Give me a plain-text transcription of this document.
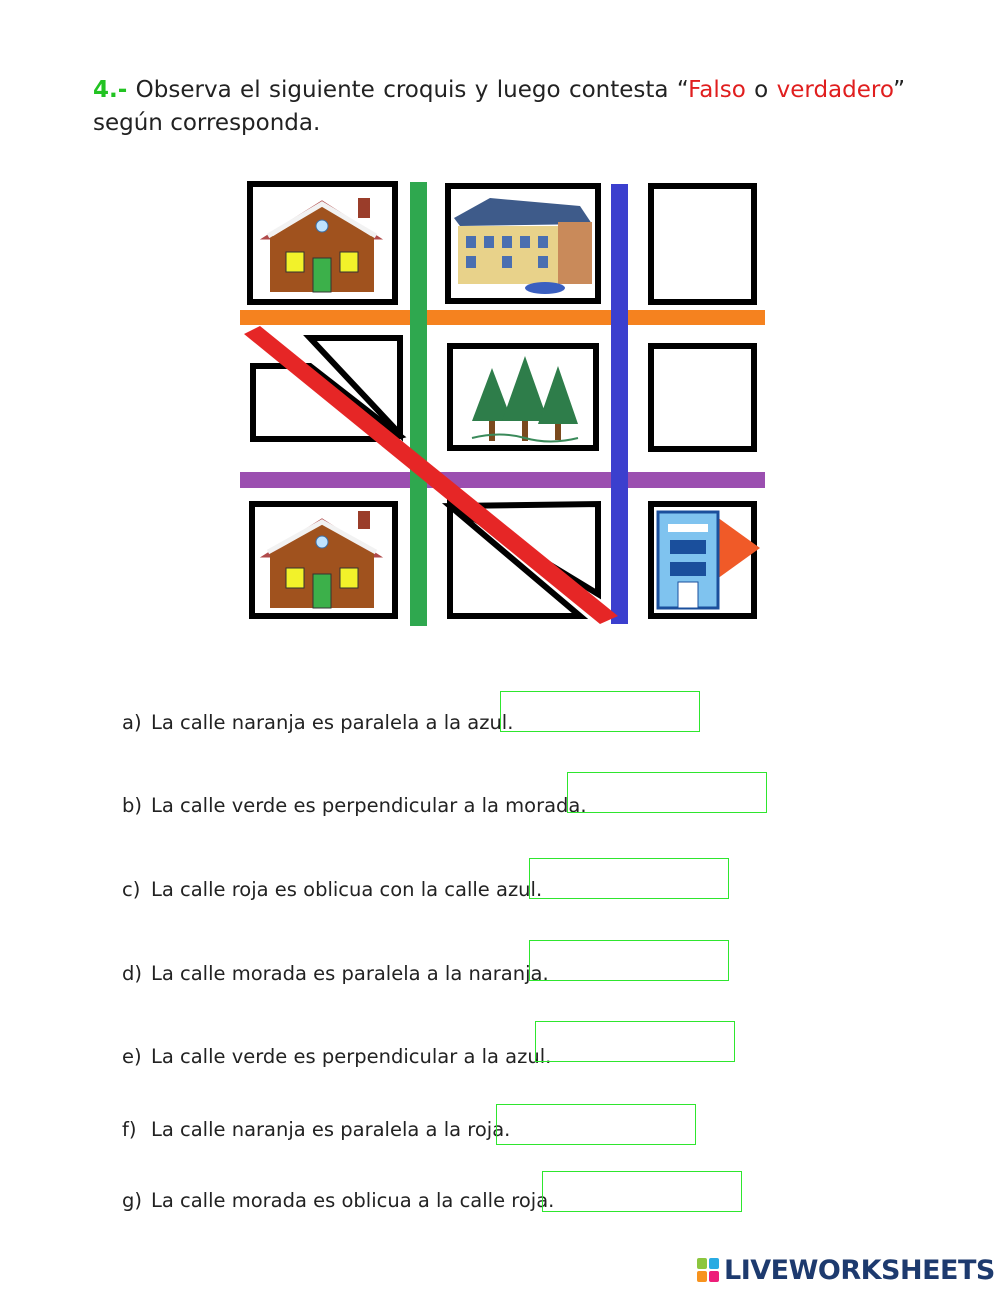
4.- Observa el siguiente croquis y luego contesta “Falso o verdadero” según corresponda.
a) La calle naranja es paralela a la azul.
b) La calle verde es perpendicular a la morada.
c) La calle roja es oblicua con la calle azul.
d) La calle morada es paralela a la naranja.
e) La calle verde es perpendicular a la azul.
f) La calle naranja es paralela a la roja.
g) La calle morada es oblicua a la calle roja.
LIVEWORKSHEETS
